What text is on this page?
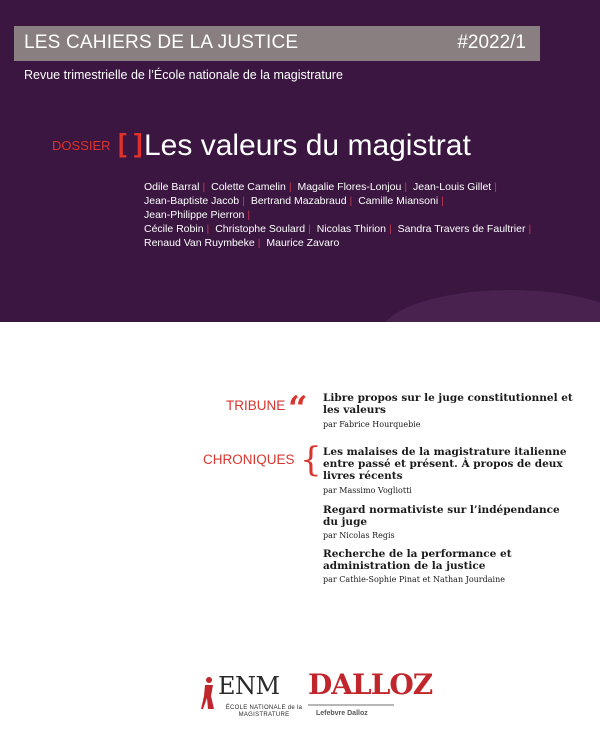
LES CAHIERS DE LA JUSTICE	#2022/1
Revue trimestrielle de l’École nationale de la magistrature
DOSSIER [ ] Les valeurs du magistrat
Odile Barral | Colette Camelin | Magalie Flores-Lonjou | Jean-Louis Gillet |
Jean-Baptiste Jacob | Bertrand Mazabraud | Camille Miansoni | Jean-Philippe Pierron |
Cécile Robin | Christophe Soulard | Nicolas Thirion | Sandra Travers de Faultrier |
Renaud Van Ruymbeke | Maurice Zavaro
TRIBUNE “ Libre propos sur le juge constitutionnel et les valeurs
par Fabrice Hourquebie
CHRONIQUES { Les malaises de la magistrature italienne entre passé et présent. À propos de deux livres récents
par Massimo Vogliotti
Regard normativiste sur l’indépendance du juge
par Nicolas Regis
Recherche de la performance et administration de la justice
par Cathie-Sophie Pinat et Nathan Jourdaine
ENM
ÉCOLE NATIONALE de la MAGISTRATURE
DALLOZ
Lefebvre Dalloz
